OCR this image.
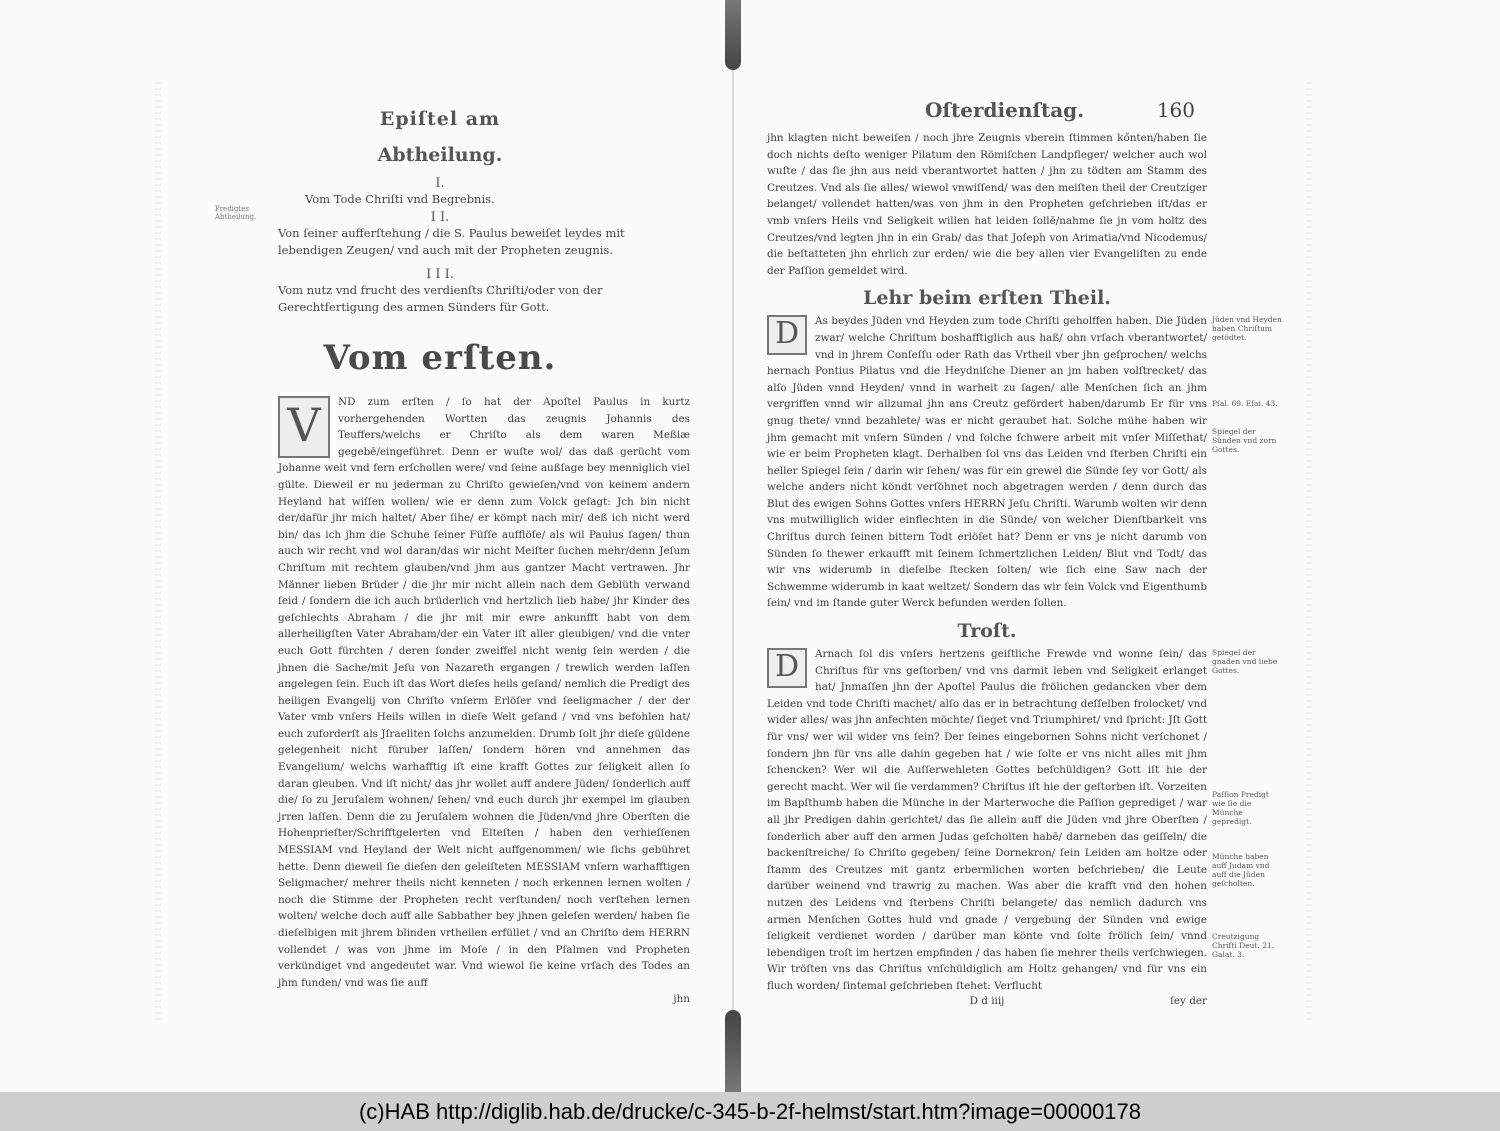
Epiſtel am
Abtheilung.
Predigtes Abtheilung.
I.
Vom Tode Chriſti vnd Begrebnis.
I I.
Von ſeiner aufferſtehung / die S. Paulus beweiſet leydes mit lebendigen Zeugen/ vnd auch mit der Propheten zeugnis.
I I I.
Vom nutz vnd frucht des verdienſts Chriſti/oder von der Gerechtfertigung des armen Sünders für Gott.
Vom erſten.
V	ND zum erſten / ſo hat der Apoſtel Paulus in kurtz vorhergehenden Wortten das zeugnis Johannis des Teuffers/welchs er Chriſto als dem waren Meßiæ gegebē/eingeführet. Denn er wuſte wol/ das daß gerücht vom Johanne weit vnd fern erſchollen were/ vnd ſeine außſage bey menniglich viel gülte. Dieweil er nu jederman zu Chriſto gewieſen/vnd von keinem andern Heyland hat wiſſen wollen/ wie er denn zum Volck geſagt: Jch bin nicht der/dafür jhr mich haltet/ Aber ſihe/ er kömpt nach mir/ deß ich nicht werd bin/ das ich jhm die Schuhe ſeiner Füſſe aufflöſe/ als wil Paulus ſagen/ thun auch wir recht vnd wol daran/das wir nicht Meiſter ſuchen mehr/denn Jeſum Chriſtum mit rechtem glauben/vnd jhm aus gantzer Macht vertrawen. Jhr Männer lieben Brüder / die jhr mir nicht allein nach dem Geblüth verwand ſeid / ſondern die ich auch brüderlich vnd hertzlich lieb habe/ jhr Kinder des geſchlechts Abraham / die jhr mit mir ewre ankunfft habt von dem allerheiligſten Vater Abraham/der ein Vater iſt aller gleubigen/ vnd die vnter euch Gott fürchten / deren ſonder zweiffel nicht wenig ſein werden / die jhnen die Sache/mit Jeſu von Nazareth ergangen / trewlich werden laſſen angelegen ſein. Euch iſt das Wort dieſes heils geſand/ nemlich die Predigt des heiligen Evangelij von Chriſto vnſerm Erlöſer vnd ſeeligmacher / der der Vater vmb vnſers Heils willen in dieſe Welt geſand / vnd vns befohlen hat/ euch zuforderſt als Jſraeliten ſolchs anzumelden. Drumb ſolt jhr dieſe güldene gelegenheit nicht füruber laſſen/ ſondern hören vnd annehmen das Evangelium/ welchs warhafftig iſt eine krafft Gottes zur ſeligkeit allen ſo daran gleuben. Vnd iſt nicht/ das jhr wollet auff andere Jüden/ ſonderlich auff die/ ſo zu Jeruſalem wohnen/ ſehen/ vnd euch durch jhr exempel im glauben jrren laſſen. Denn die zu Jeruſalem wohnen die Jüden/vnd jhre Oberſten die Hohenprieſter/Schrifftgelerten vnd Elteſten / haben den verhieſſenen MESSIAM vnd Heyland der Welt nicht auffgenommen/ wie ſichs gebühret hette. Denn dieweil ſie dieſen den geleiſteten MESSIAM vnſern warhafftigen Seligmacher/ mehrer theils nicht kenneten / noch erkennen lernen wolten / noch die Stimme der Propheten recht verſtunden/ noch verſtehen lernen wolten/ welche doch auff alle Sabbather bey jhnen geleſen werden/ haben ſie dieſelbigen mit jhrem blinden vrtheilen erfüllet / vnd an Chriſto dem HERRN vollendet / was von jhme im Moſe / in den Pſalmen vnd Propheten verkündiget vnd angedeutet war. Vnd wiewol ſie keine vrſach des Todes an jhm funden/ vnd was ſie auff
jhn
Oſterdienſtag.	160
jhn klagten nicht beweiſen / noch jhre Zeugnis vberein ſtimmen kőnten/haben ſie doch nichts deſto weniger Pilatum den Römiſchen Landpfleger/ welcher auch wol wuſte / das ſie jhn aus neid vberantwortet hatten / jhn zu tödten am Stamm des Creutzes. Vnd als ſie alles/ wiewol vnwiſſend/ was den meiſten theil der Creutziger belanget/ vollendet hatten/was von jhm in den Propheten geſchrieben iſt/das er vmb vnſers Heils vnd Seligkeit willen hat leiden ſollē/nahme ſie jn vom holtz des Creutzes/vnd legten jhn in ein Grab/ das that Joſeph von Arimatia/vnd Nicodemus/ die beſtatteten jhn ehrlich zur erden/ wie die bey allen vier Evangeliſten zu ende der Paſſion gemeldet wird.
Lehr beim erſten Theil.
D	As beydes Jüden vnd Heyden zum tode Chriſti geholffen haben. Die Jüden zwar/ welche Chriſtum boshafftiglich aus haß/ ohn vrſach vberantwortet/ vnd in jhrem Conſeſſu oder Rath das Vrtheil vber jhn geſprochen/ welchs hernach Pontius Pilatus vnd die Heydniſche Diener an jm haben volſtrecket/ das alſo Jüden vnnd Heyden/ vnnd in warheit zu ſagen/ alle Menſchen ſich an jhm vergriffen vnnd wir allzumal jhn ans Creutz gefördert haben/darumb Er für vns gnug thete/ vnnd bezahlete/ was er nicht geraubet hat. Solche mühe haben wir jhm gemacht mit vnſern Sünden / vnd ſolche ſchwere arbeit mit vnſer Miſſethat/ wie er beim Propheten klagt. Derhalben ſol vns das Leiden vnd ſterben Chriſti ein heller Spiegel ſein / darin wir ſehen/ was für ein grewel die Sünde ſey vor Gott/ als welche anders nicht köndt verſöhnet noch abgetragen werden / denn durch das Blut des ewigen Sohns Gottes vnſers HERRN Jeſu Chriſti. Warumb wolten wir denn vns mutwilliglich wider einflechten in die Sünde/ von welcher Dienſtbarkeit vns Chriſtus durch ſeinen bittern Todt erlöſet hat? Denn er vns je nicht darumb von Sünden ſo thewer erkaufft mit ſeinem ſchmertzlichen Leiden/ Blut vnd Todt/ das wir vns widerumb in dieſelbe ſtecken ſolten/ wie ſich eine Saw nach der Schwemme widerumb in kaat weltzet/ Sondern das wir ſein Volck vnd Eigenthumb ſein/ vnd im ſtande guter Werck befunden werden ſollen.
Jüden vnd Heyden haben Chriſtum getödtet.
Pſal. 69. Eſai. 43.
Spiegel der Sünden vnd zorn Gottes.
Troſt.
D	Arnach ſol dis vnſers hertzens geiſtliche Frewde vnd wonne ſein/ das Chriſtus für vns geſtorben/ vnd vns darmit leben vnd Seligkeit erlanget hat/ Jnmaſſen jhn der Apoſtel Paulus die frölichen gedancken vber dem Leiden vnd tode Chriſti machet/ alſo das er in betrachtung deſſelben frolocket/ vnd wider alles/ was jhn anfechten möchte/ ſieget vnd Triumphiret/ vnd ſpricht: Jſt Gott für vns/ wer wil wider vns ſein? Der ſeines eingebornen Sohns nicht verſchonet / ſondern jhn für vns alle dahin gegeben hat / wie ſolte er vns nicht alles mit jhm ſchencken? Wer wil die Auſſerwehleten Gottes beſchüldigen? Gott iſt hie der gerecht macht. Wer wil ſie verdammen? Chriſtus iſt hie der geſtorben iſt. Vorzeiten im Bapſthumb haben die Münche in der Marterwoche die Paſſion geprediget / war all jhr Predigen dahin gerichtet/ das ſie allein auff die Jüden vnd jhre Oberſten / ſonderlich aber auff den armen Judas geſcholten habē/ darneben das geiſſeln/ die backenſtreiche/ ſo Chriſto gegeben/ ſeine Dornekron/ ſein Leiden am holtze oder ſtamm des Creutzes mit gantz erbermlichen worten beſchrieben/ die Leute darüber weinend vnd trawrig zu machen. Was aber die krafft vnd den hohen nutzen des Leidens vnd ſterbens Chriſti belangete/ das nemlich dadurch vns armen Menſchen Gottes huld vnd gnade / vergebung der Sünden vnd ewige ſeligkeit verdienet worden / darüber man könte vnd ſolte frölich ſein/ vnnd lebendigen troſt im hertzen empfinden / das haben ſie mehrer theils verſchwiegen. Wir tröſten vns das Chriſtus vnſchüldiglich am Holtz gehangen/ vnd für vns ein fluch worden/ ſintemal geſchrieben ſtehet: Verflucht
Spiegel der gnaden vnd liebe Gottes.
Paſſion Predigt wie ſie die Münche gepredigt.
Münche haben auff Judam vnd auff die Jüden geſcholten.
Creutzigung Chriſti Deut. 21. Galat. 3.
D d iiij	ſey der
(c)HAB http://diglib.hab.de/drucke/c-345-b-2f-helmst/start.htm?image=00000178
